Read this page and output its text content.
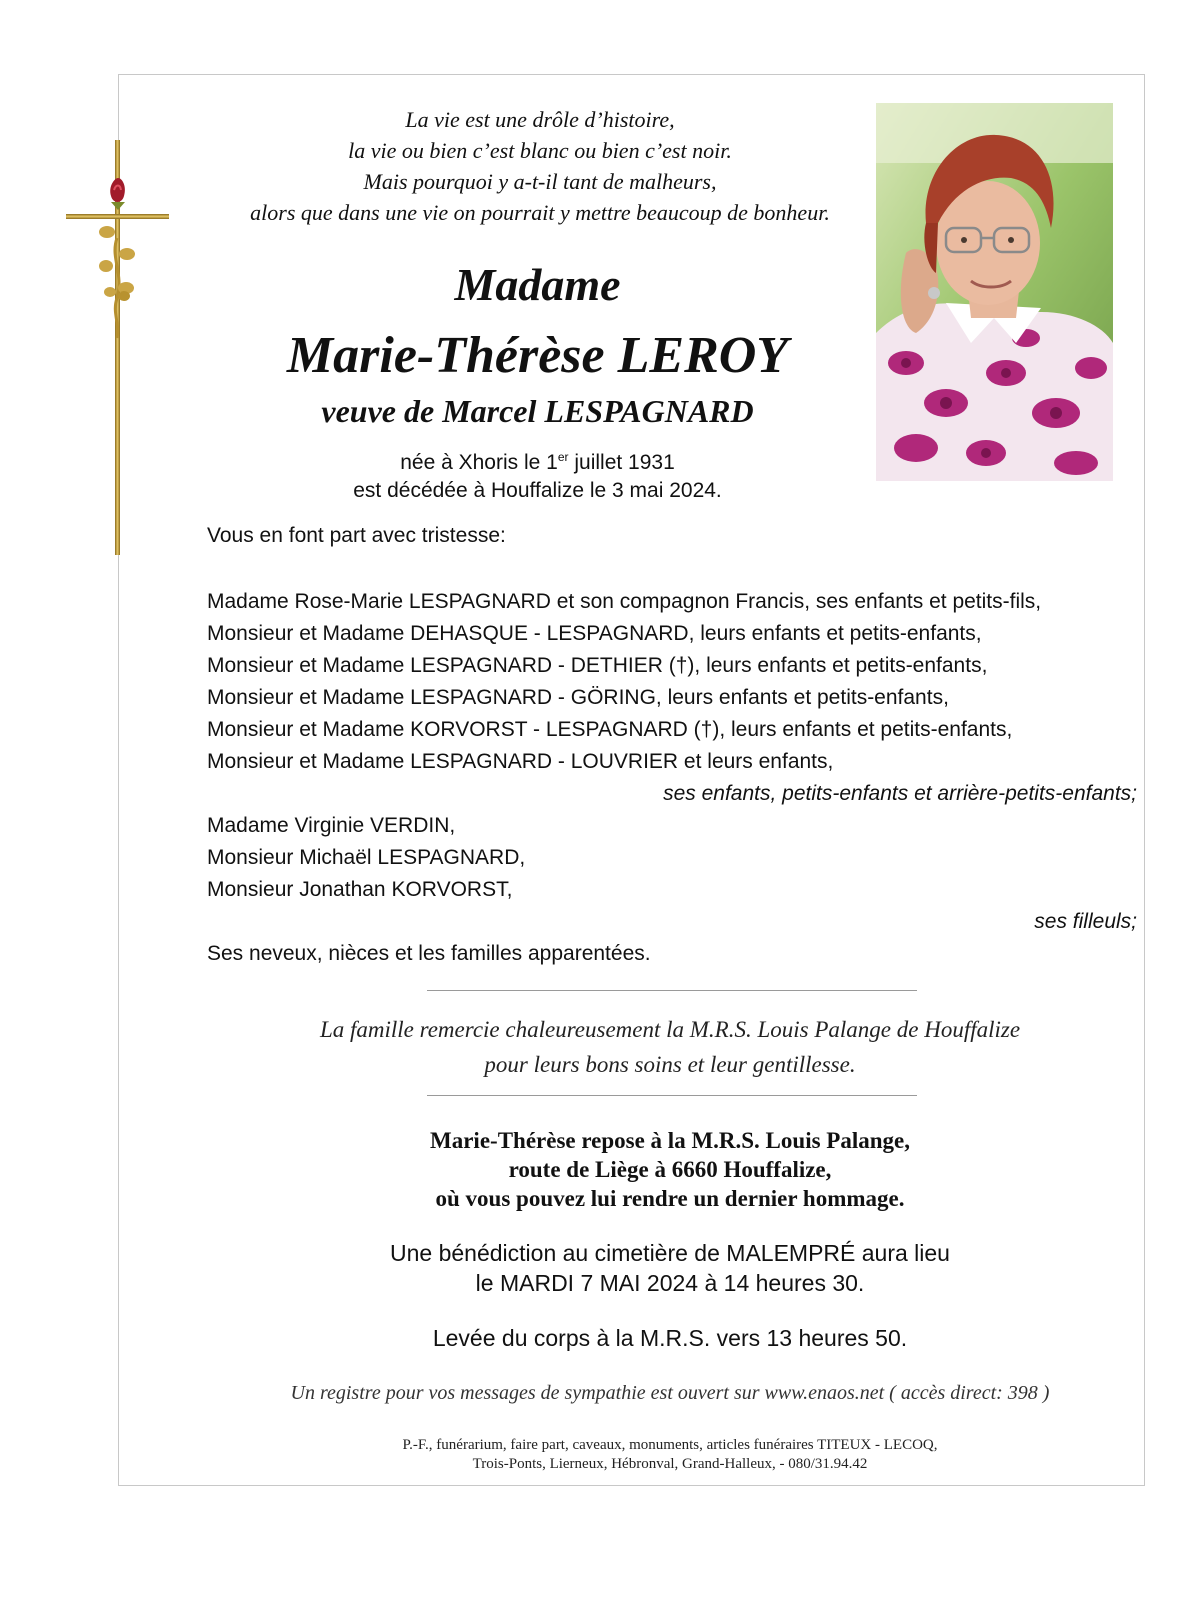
La vie est une drôle d’histoire,
la vie ou bien c’est blanc ou bien c’est noir.
Mais pourquoi y a-t-il tant de malheurs,
alors que dans une vie on pourrait y mettre beaucoup de bonheur.
Madame
Marie-Thérèse LEROY
veuve de Marcel LESPAGNARD
née à Xhoris le 1er juillet 1931
est décédée à Houffalize le 3 mai 2024.
Vous en font part avec tristesse:
Madame Rose-Marie LESPAGNARD et son compagnon Francis, ses enfants et petits-fils,
Monsieur et Madame DEHASQUE - LESPAGNARD, leurs enfants et petits-enfants,
Monsieur et Madame LESPAGNARD - DETHIER (†), leurs enfants et petits-enfants,
Monsieur et Madame LESPAGNARD - GÖRING, leurs enfants et petits-enfants,
Monsieur et Madame KORVORST - LESPAGNARD (†), leurs enfants et petits-enfants,
Monsieur et Madame LESPAGNARD - LOUVRIER et leurs enfants,
ses enfants, petits-enfants et arrière-petits-enfants;
Madame Virginie VERDIN,
Monsieur Michaël LESPAGNARD,
Monsieur Jonathan KORVORST,
ses filleuls;
Ses neveux, nièces et les familles apparentées.
La famille remercie chaleureusement la M.R.S. Louis Palange de Houffalize
pour leurs bons soins et leur gentillesse.
Marie-Thérèse repose à la M.R.S. Louis Palange,
route de Liège à 6660 Houffalize,
où vous pouvez lui rendre un dernier hommage.
Une bénédiction au cimetière de MALEMPRÉ aura lieu
le MARDI 7 MAI 2024 à 14 heures 30.
Levée du corps à la M.R.S. vers 13 heures 50.
Un registre pour vos messages de sympathie est ouvert sur www.enaos.net ( accès direct: 398 )
P.-F., funérarium, faire part, caveaux, monuments, articles funéraires TITEUX - LECOQ,
Trois-Ponts, Lierneux, Hébronval, Grand-Halleux, - 080/31.94.42
